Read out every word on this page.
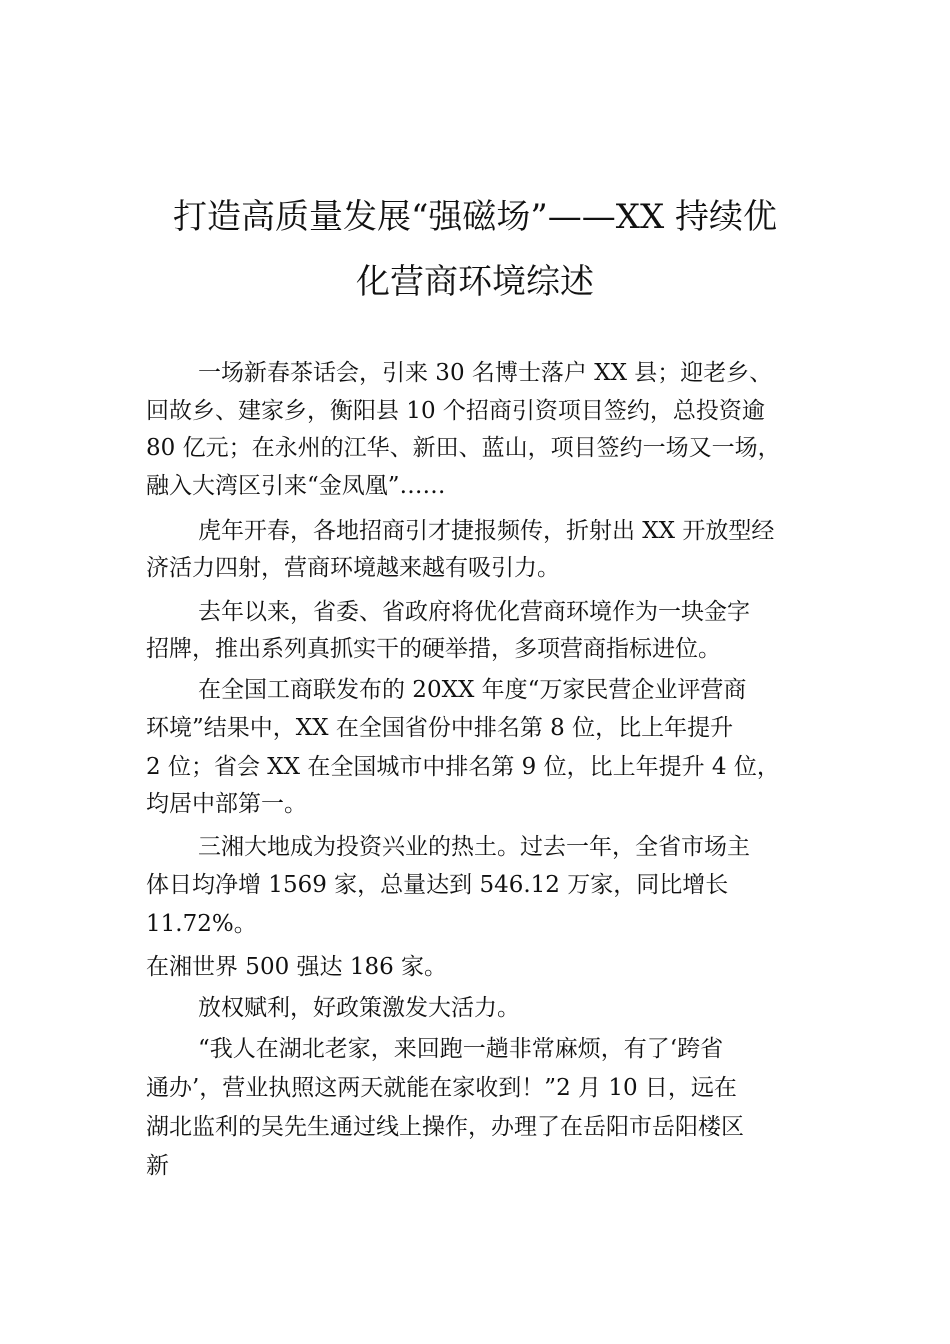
打造高质量发展“强磁场”——XX 持续优
化营商环境综述

一场新春茶话会，引来 30 名博士落户 XX 县；迎老乡、

回故乡、建家乡，衡阳县 10 个招商引资项目签约，总投资逾

80 亿元；在永州的江华、新田、蓝山，项目签约一场又一场，

融入大湾区引来“金凤凰”……

虎年开春，各地招商引才捷报频传，折射出 XX 开放型经

济活力四射，营商环境越来越有吸引力。

去年以来，省委、省政府将优化营商环境作为一块金字

招牌，推出系列真抓实干的硬举措，多项营商指标进位。

在全国工商联发布的 20XX 年度“万家民营企业评营商

环境”结果中，XX 在全国省份中排名第 8 位，比上年提升

2 位；省会 XX 在全国城市中排名第 9 位，比上年提升 4 位，

均居中部第一。

三湘大地成为投资兴业的热土。过去一年，全省市场主

体日均净增 1569 家，总量达到 546.12 万家，同比增长

11.72%。

在湘世界 500 强达 186 家。

放权赋利，好政策激发大活力。

“我人在湖北老家，来回跑一趟非常麻烦，有了‘跨省

通办’，营业执照这两天就能在家收到！”2 月 10 日，远在

湖北监利的吴先生通过线上操作，办理了在岳阳市岳阳楼区

新
